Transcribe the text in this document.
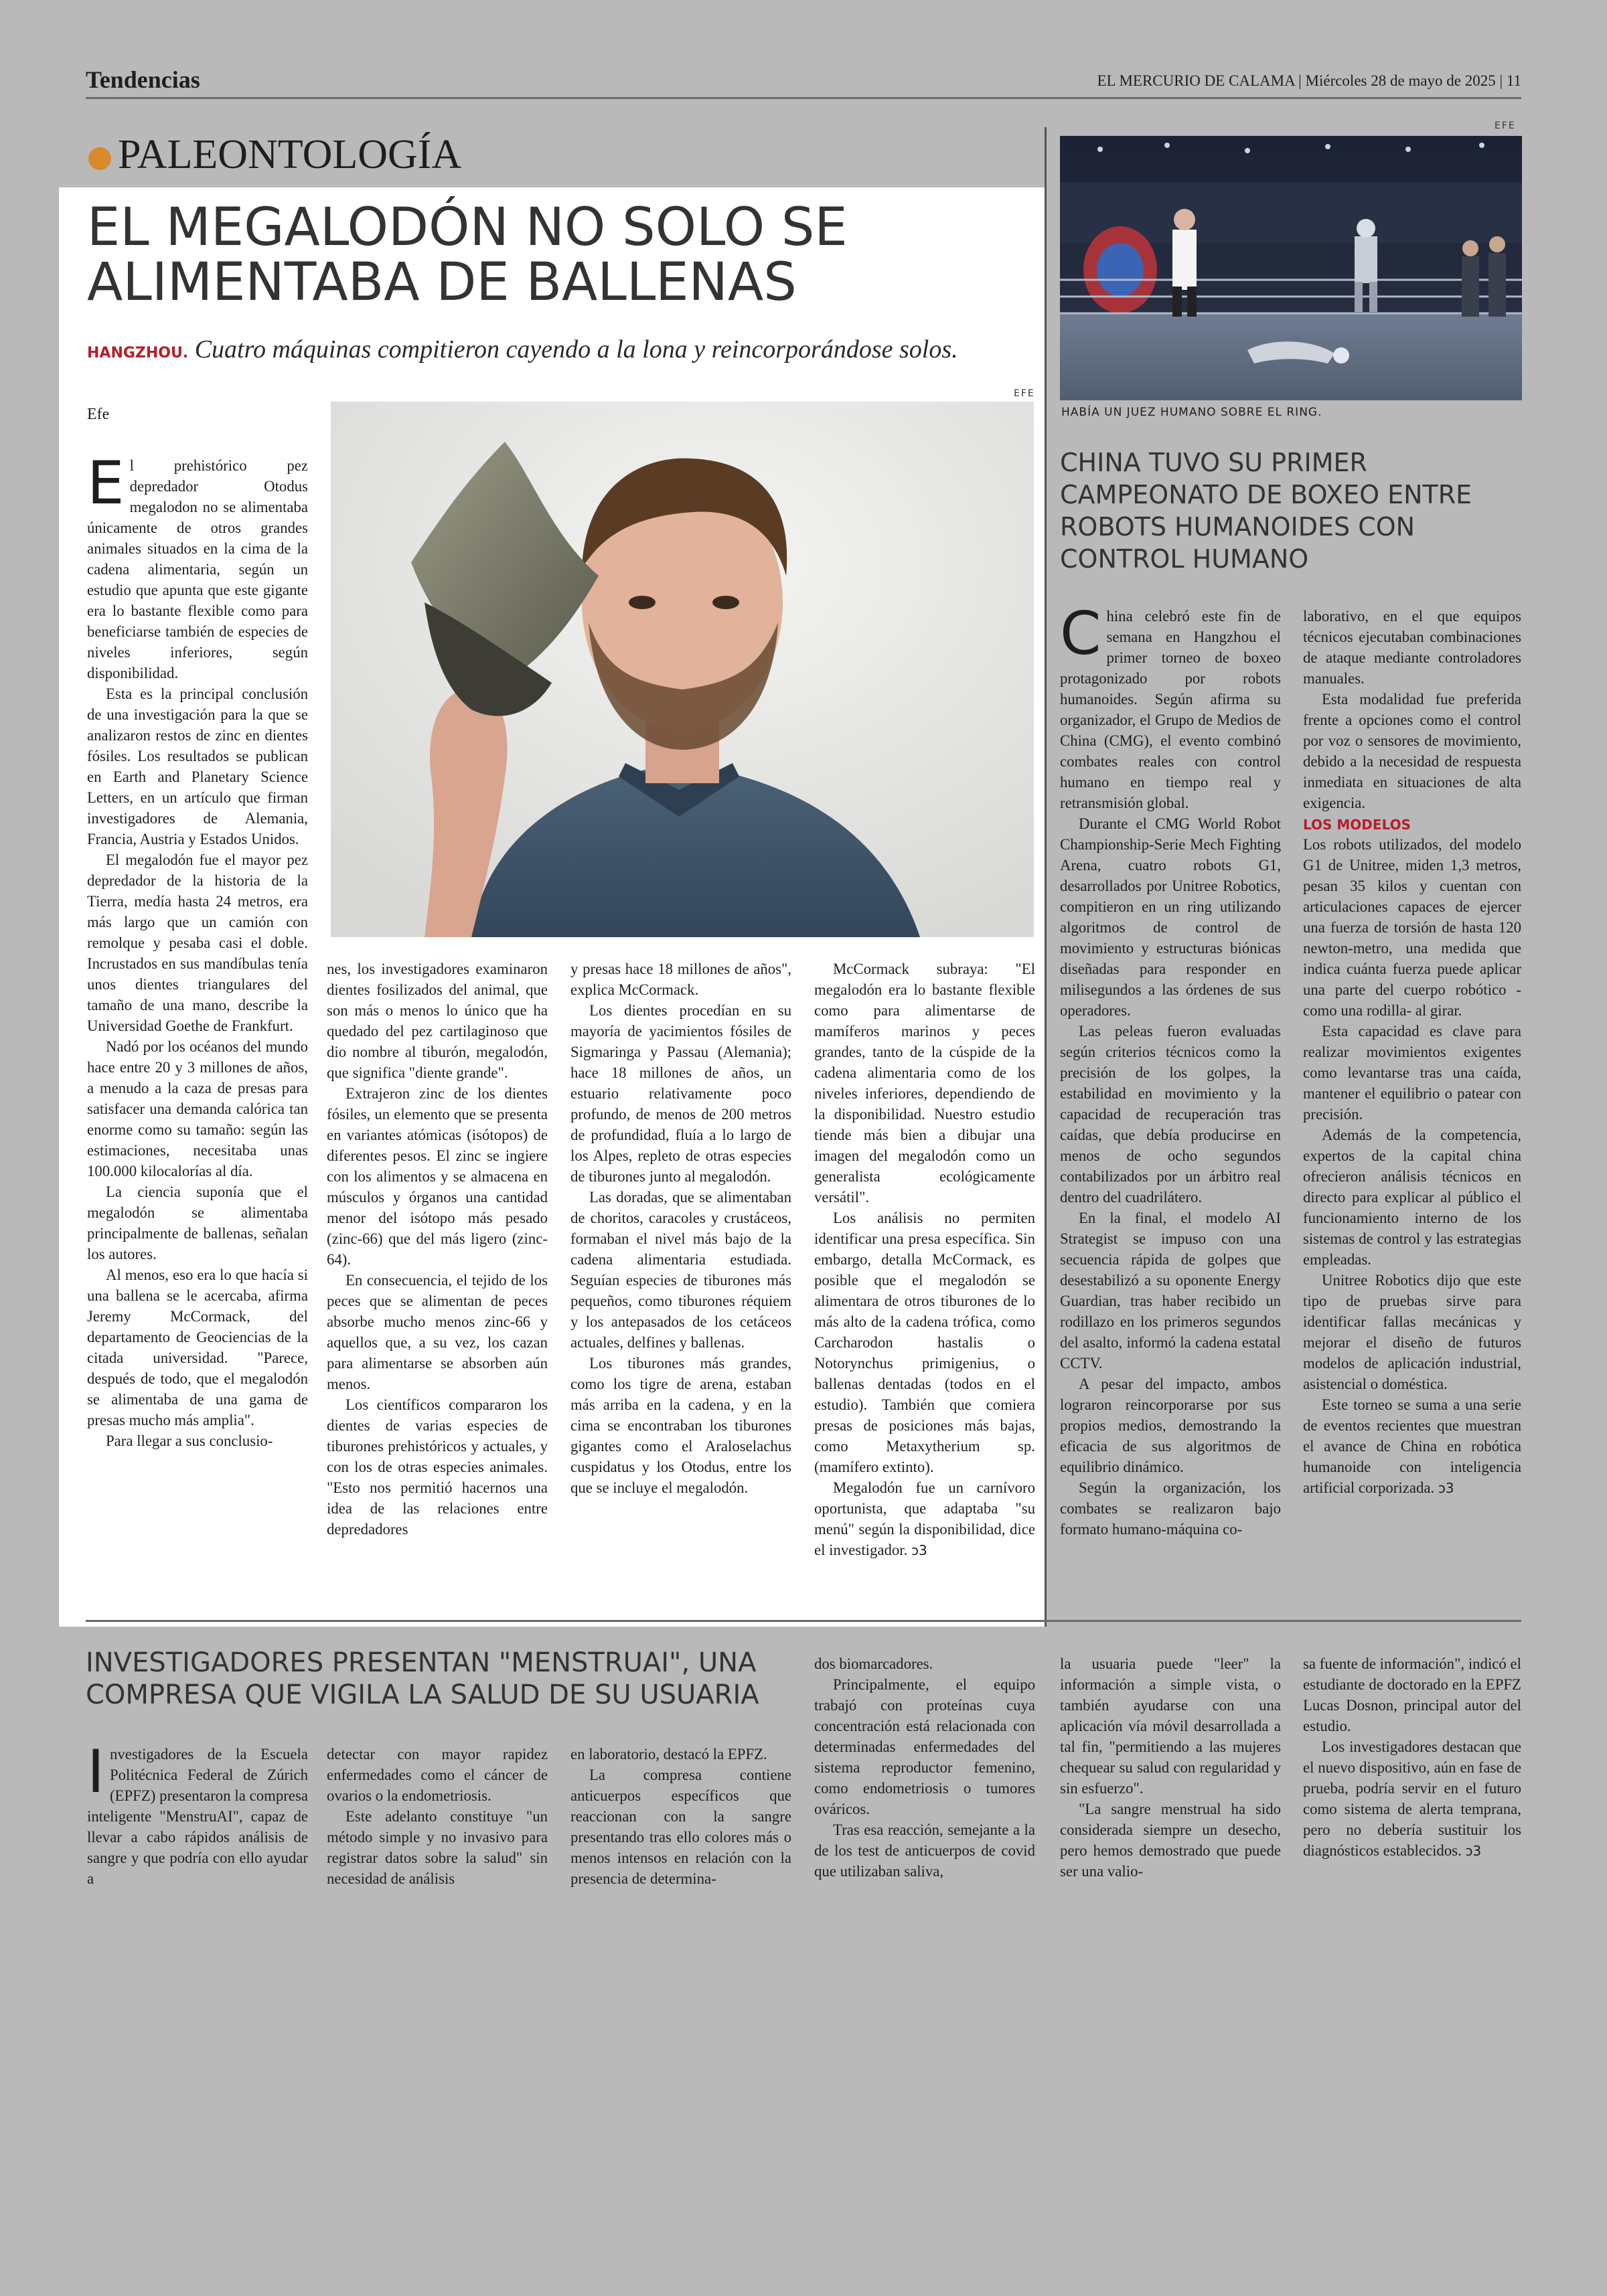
Tendencias	EL MERCURIO DE CALAMA | Miércoles 28 de mayo de 2025 | 11
PALEONTOLOGÍA
EL MEGALODÓN NO SOLO SE ALIMENTABA DE BALLENAS
HANGZHOU. Cuatro máquinas compitieron cayendo a la lona y reincorporándose solos.
Efe
EFE

E l prehistórico pez depredador Otodus megalodon no se alimentaba únicamente de otros grandes animales situados en la cima de la cadena alimentaria, según un estudio que apunta que este gigante era lo bastante flexible como para beneficiarse también de especies de niveles inferiores, según disponibilidad.

Esta es la principal conclusión de una investigación para la que se analizaron restos de zinc en dientes fósiles. Los resultados se publican en Earth and Planetary Science Letters, en un artículo que firman investigadores de Alemania, Francia, Austria y Estados Unidos.

El megalodón fue el mayor pez depredador de la historia de la Tierra, medía hasta 24 metros, era más largo que un camión con remolque y pesaba casi el doble. Incrustados en sus mandíbulas tenía unos dientes triangulares del tamaño de una mano, describe la Universidad Goethe de Frankfurt.

Nadó por los océanos del mundo hace entre 20 y 3 millones de años, a menudo a la caza de presas para satisfacer una demanda calórica tan enorme como su tamaño: según las estimaciones, necesitaba unas 100.000 kilocalorías al día.

La ciencia suponía que el megalodón se alimentaba principalmente de ballenas, señalan los autores.

Al menos, eso era lo que hacía si una ballena se le acercaba, afirma Jeremy McCormack, del departamento de Geociencias de la citada universidad. "Parece, después de todo, que el megalodón se alimentaba de una gama de presas mucho más amplia".

Para llegar a sus conclusio-

nes, los investigadores examinaron dientes fosilizados del animal, que son más o menos lo único que ha quedado del pez cartilaginoso que dio nombre al tiburón, megalodón, que significa "diente grande".

Extrajeron zinc de los dientes fósiles, un elemento que se presenta en variantes atómicas (isótopos) de diferentes pesos. El zinc se ingiere con los alimentos y se almacena en músculos y órganos una cantidad menor del isótopo más pesado (zinc-66) que del más ligero (zinc-64).

En consecuencia, el tejido de los peces que se alimentan de peces absorbe mucho menos zinc-66 y aquellos que, a su vez, los cazan para alimentarse se absorben aún menos.

Los científicos compararon los dientes de varias especies de tiburones prehistóricos y actuales, y con los de otras especies animales. "Esto nos permitió hacernos una idea de las relaciones entre depredadores

y presas hace 18 millones de años", explica McCormack.

Los dientes procedían en su mayoría de yacimientos fósiles de Sigmaringa y Passau (Alemania); hace 18 millones de años, un estuario relativamente poco profundo, de menos de 200 metros de profundidad, fluía a lo largo de los Alpes, repleto de otras especies de tiburones junto al megalodón.

Las doradas, que se alimentaban de choritos, caracoles y crustáceos, formaban el nivel más bajo de la cadena alimentaria estudiada. Seguían especies de tiburones más pequeños, como tiburones réquiem y los antepasados de los cetáceos actuales, delfines y ballenas.

Los tiburones más grandes, como los tigre de arena, estaban más arriba en la cadena, y en la cima se encontraban los tiburones gigantes como el Araloselachus cuspidatus y los Otodus, entre los que se incluye el megalodón.

McCormack subraya: "El megalodón era lo bastante flexible como para alimentarse de mamíferos marinos y peces grandes, tanto de la cúspide de la cadena alimentaria como de los niveles inferiores, dependiendo de la disponibilidad. Nuestro estudio tiende más bien a dibujar una imagen del megalodón como un generalista ecológicamente versátil".

Los análisis no permiten identificar una presa específica. Sin embargo, detalla McCormack, es posible que el megalodón se alimentara de otros tiburones de lo más alto de la cadena trófica, como Carcharodon hastalis o Notorynchus primigenius, o ballenas dentadas (todos en el estudio). También que comiera presas de posiciones más bajas, como Metaxytherium sp. (mamífero extinto).

Megalodón fue un carnívoro oportunista, que adaptaba "su menú" según la disponibilidad, dice el investigador. ↄ3

EFE
HABÍA UN JUEZ HUMANO SOBRE EL RING.
CHINA TUVO SU PRIMER CAMPEONATO DE BOXEO ENTRE ROBOTS HUMANOIDES CON CONTROL HUMANO

C hina celebró este fin de semana en Hangzhou el primer torneo de boxeo protagonizado por robots humanoides. Según afirma su organizador, el Grupo de Medios de China (CMG), el evento combinó combates reales con control humano en tiempo real y retransmisión global.

Durante el CMG World Robot Championship-Serie Mech Fighting Arena, cuatro robots G1, desarrollados por Unitree Robotics, compitieron en un ring utilizando algoritmos de control de movimiento y estructuras biónicas diseñadas para responder en milisegundos a las órdenes de sus operadores.

Las peleas fueron evaluadas según criterios técnicos como la precisión de los golpes, la estabilidad en movimiento y la capacidad de recuperación tras caídas, que debía producirse en menos de ocho segundos contabilizados por un árbitro real dentro del cuadrilátero.

En la final, el modelo AI Strategist se impuso con una secuencia rápida de golpes que desestabilizó a su oponente Energy Guardian, tras haber recibido un rodillazo en los primeros segundos del asalto, informó la cadena estatal CCTV.

A pesar del impacto, ambos lograron reincorporarse por sus propios medios, demostrando la eficacia de sus algoritmos de equilibrio dinámico.

Según la organización, los combates se realizaron bajo formato humano-máquina co-

laborativo, en el que equipos técnicos ejecutaban combinaciones de ataque mediante controladores manuales.

Esta modalidad fue preferida frente a opciones como el control por voz o sensores de movimiento, debido a la necesidad de respuesta inmediata en situaciones de alta exigencia.

LOS MODELOS

Los robots utilizados, del modelo G1 de Unitree, miden 1,3 metros, pesan 35 kilos y cuentan con articulaciones capaces de ejercer una fuerza de torsión de hasta 120 newton-metro, una medida que indica cuánta fuerza puede aplicar una parte del cuerpo robótico -como una rodilla- al girar.

Esta capacidad es clave para realizar movimientos exigentes como levantarse tras una caída, mantener el equilibrio o patear con precisión.

Además de la competencia, expertos de la capital china ofrecieron análisis técnicos en directo para explicar al público el funcionamiento interno de los sistemas de control y las estrategias empleadas.

Unitree Robotics dijo que este tipo de pruebas sirve para identificar fallas mecánicas y mejorar el diseño de futuros modelos de aplicación industrial, asistencial o doméstica.

Este torneo se suma a una serie de eventos recientes que muestran el avance de China en robótica humanoide con inteligencia artificial corporizada. ↄ3

INVESTIGADORES PRESENTAN "MENSTRUAI", UNA COMPRESA QUE VIGILA LA SALUD DE SU USUARIA

I nvestigadores de la Escuela Politécnica Federal de Zúrich (EPFZ) presentaron la compresa inteligente "MenstruAI", capaz de llevar a cabo rápidos análisis de sangre y que podría con ello ayudar a

detectar con mayor rapidez enfermedades como el cáncer de ovarios o la endometriosis.

Este adelanto constituye "un método simple y no invasivo para registrar datos sobre la salud" sin necesidad de análisis

en laboratorio, destacó la EPFZ.

La compresa contiene anticuerpos específicos que reaccionan con la sangre presentando tras ello colores más o menos intensos en relación con la presencia de determina-

dos biomarcadores.

Principalmente, el equipo trabajó con proteínas cuya concentración está relacionada con determinadas enfermedades del sistema reproductor femenino, como endometriosis o tumores ováricos.

Tras esa reacción, semejante a la de los test de anticuerpos de covid que utilizaban saliva,

la usuaria puede "leer" la información a simple vista, o también ayudarse con una aplicación vía móvil desarrollada a tal fin, "permitiendo a las mujeres chequear su salud con regularidad y sin esfuerzo".

"La sangre menstrual ha sido considerada siempre un desecho, pero hemos demostrado que puede ser una valio-

sa fuente de información", indicó el estudiante de doctorado en la EPFZ Lucas Dosnon, principal autor del estudio.

Los investigadores destacan que el nuevo dispositivo, aún en fase de prueba, podría servir en el futuro como sistema de alerta temprana, pero no debería sustituir los diagnósticos establecidos. ↄ3
